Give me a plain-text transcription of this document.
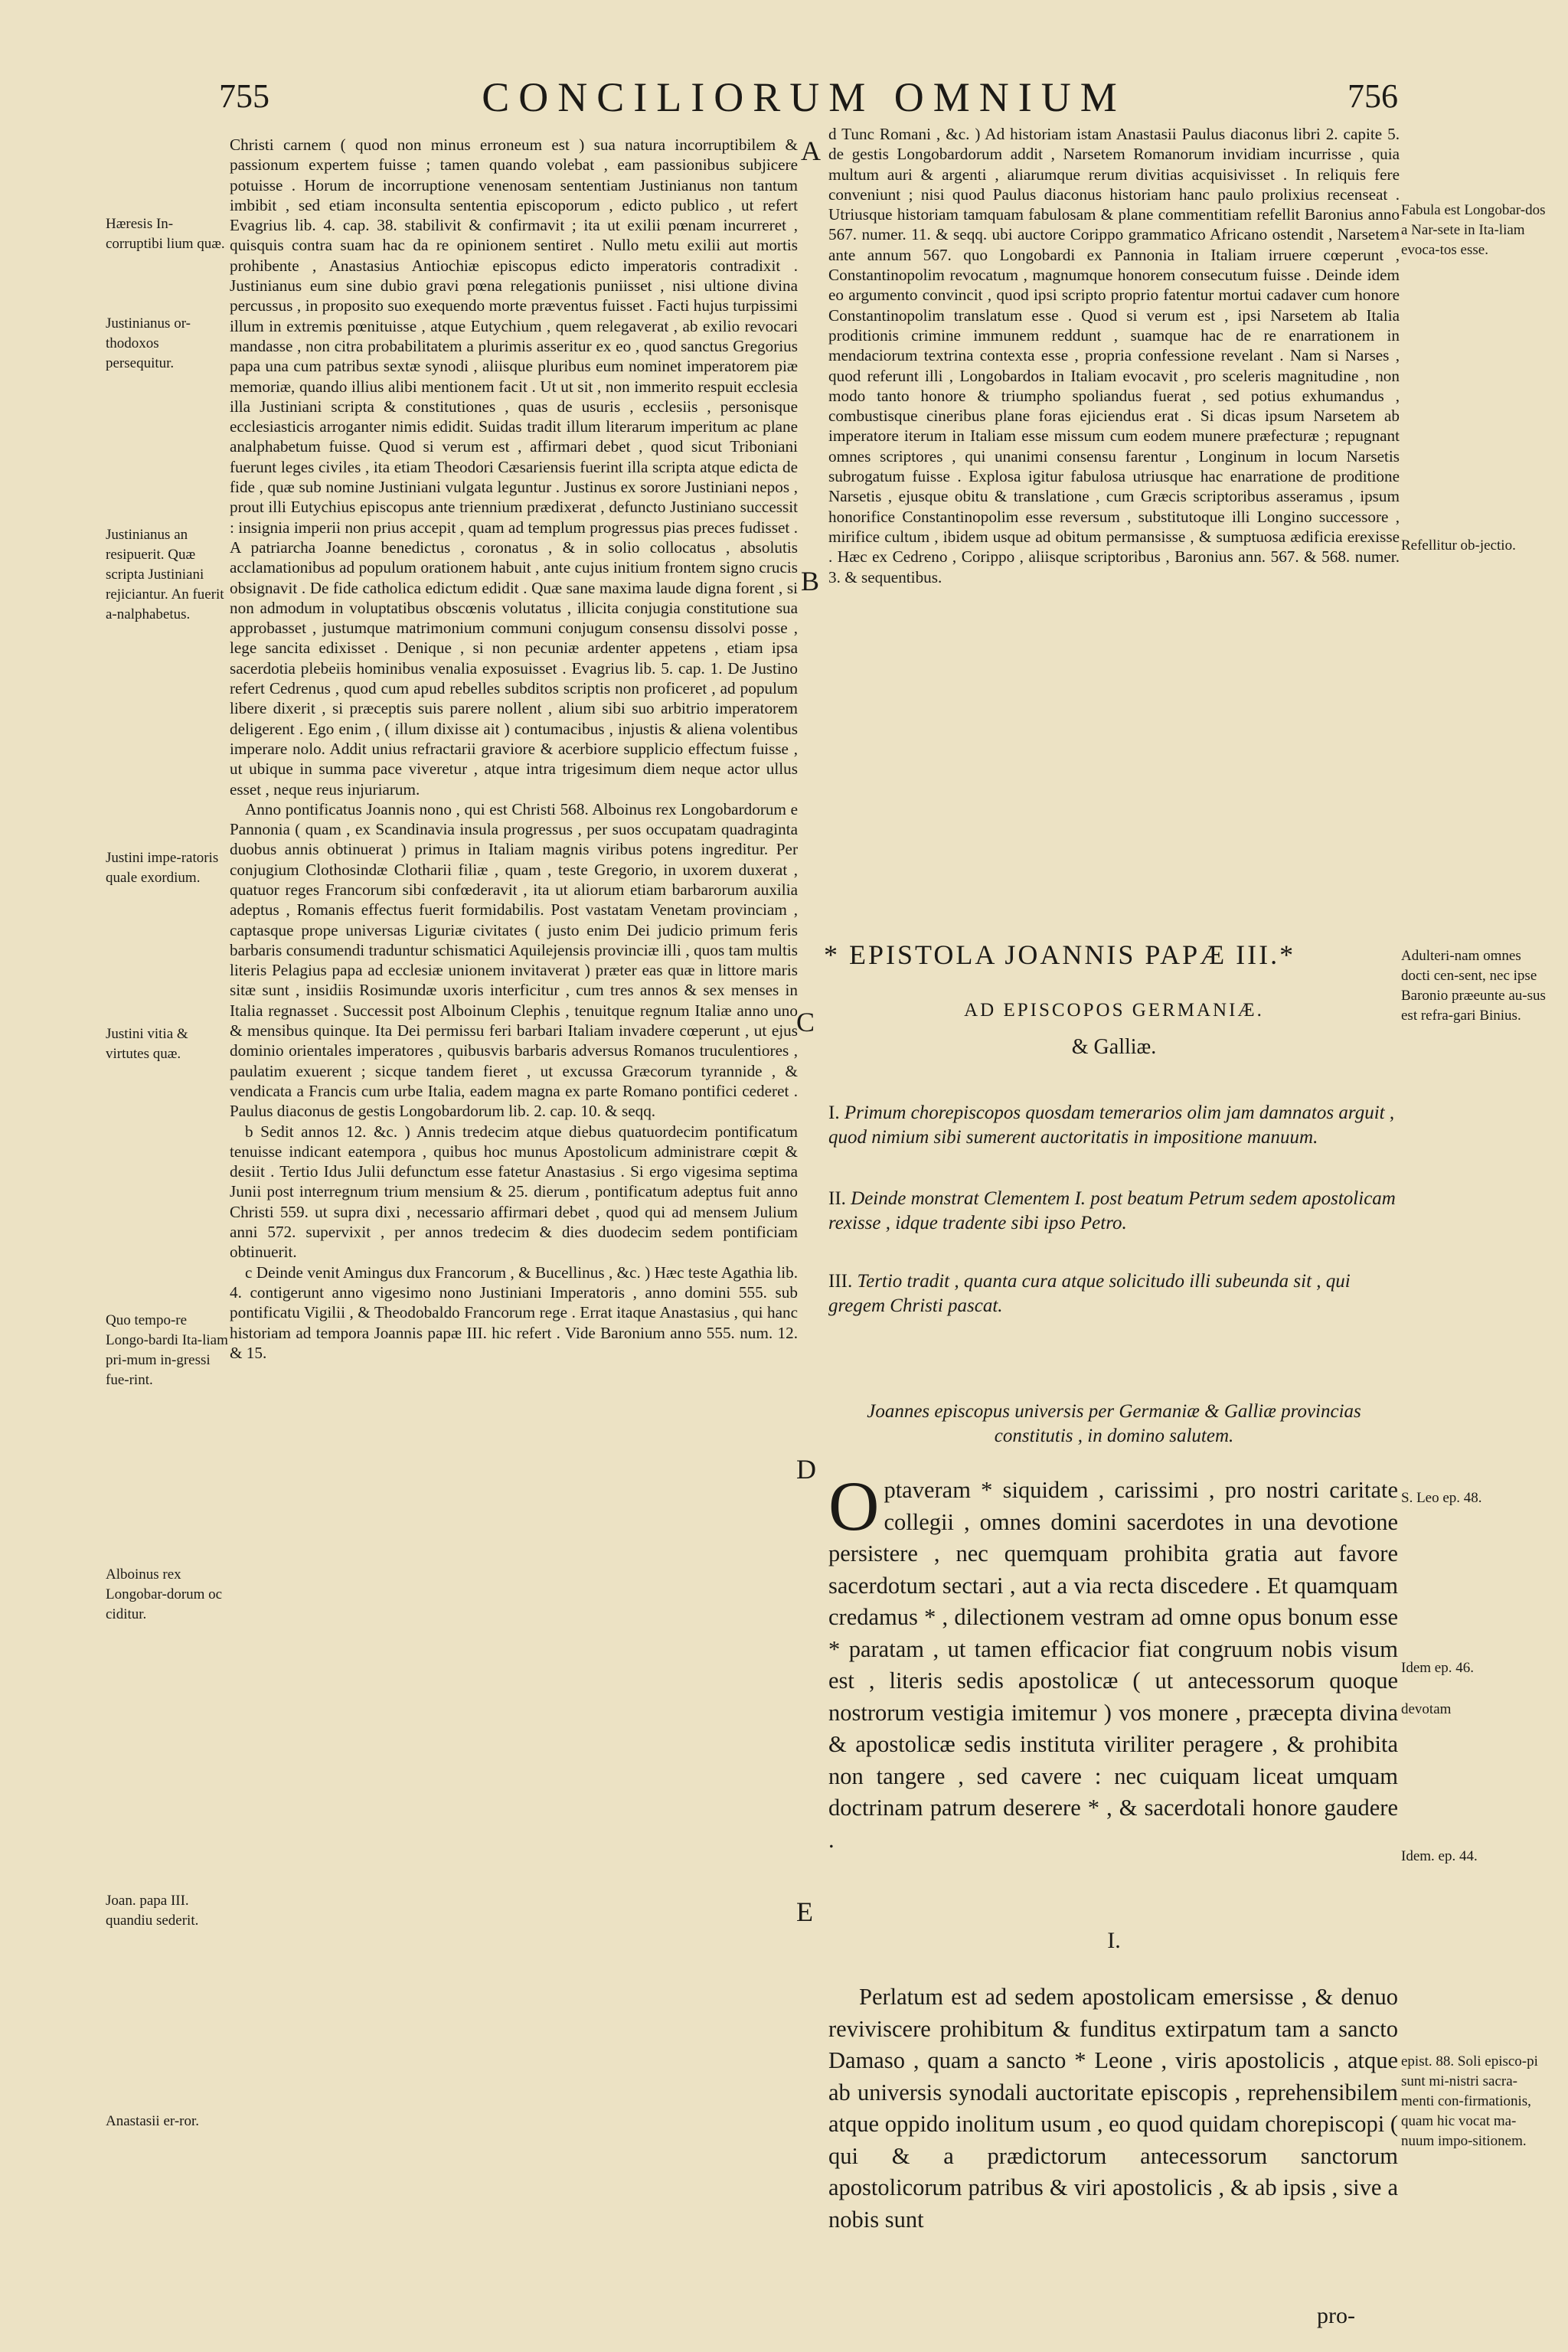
755	CONCILIORUM OMNIUM	756
Hæresis In-corruptibi lium quæ.
Justinianus or-thodoxos persequitur.
Justinianus an resipuerit. Quæ scripta Justiniani rejiciantur. An fuerit a-nalphabetus.
Justini impe-ratoris quale exordium.
Justini vitia & virtutes quæ.
Quo tempo-re Longo-bardi Ita-liam pri-mum in-gressi fue-rint.
Alboinus rex Longobar-dorum oc ciditur.
Joan. papa III. quandiu sederit.
Anastasii er-ror.
Fabula est Longobar-dos a Nar-sete in Ita-liam evoca-tos esse.
Refellitur ob-jectio.
Adulteri-nam omnes docti cen-sent, nec ipse Baronio præeunte au-sus est refra-gari Binius.
S. Leo ep. 48.
Idem ep. 46.
devotam
Idem. ep. 44.
epist. 88. Soli episco-pi sunt mi-nistri sacra-menti con-firmationis, quam hic vocat ma-nuum impo-sitionem.
A
B
C
D
E

Christi carnem ( quod non minus erroneum est ) sua natura incorruptibilem & passionum expertem fuisse ; tamen quando volebat , eam passionibus subjicere potuisse . Horum de incorruptione venenosam sententiam Justinianus non tantum imbibit , sed etiam inconsulta sententia episcoporum , edicto publico , ut refert Evagrius lib. 4. cap. 38. stabilivit & confirmavit ; ita ut exilii pœnam incurreret , quisquis contra suam hac da re opinionem sentiret . Nullo metu exilii aut mortis prohibente , Anastasius Antiochiæ episcopus edicto imperatoris contradixit . Justinianus eum sine dubio gravi pœna relegationis puniisset , nisi ultione divina percussus , in proposito suo exequendo morte præventus fuisset . Facti hujus turpissimi illum in extremis pœnituisse , atque Eutychium , quem relegaverat , ab exilio revocari mandasse , non citra probabilitatem a plurimis asseritur ex eo , quod sanctus Gregorius papa una cum patribus sextæ synodi , aliisque pluribus eum nominet imperatorem piæ memoriæ, quando illius alibi mentionem facit . Ut ut sit , non immerito respuit ecclesia illa Justiniani scripta & constitutiones , quas de usuris , ecclesiis , personisque ecclesiasticis arroganter nimis edidit. Suidas tradit illum literarum imperitum ac plane analphabetum fuisse. Quod si verum est , affirmari debet , quod sicut Triboniani fuerunt leges civiles , ita etiam Theodori Cæsariensis fuerint illa scripta atque edicta de fide , quæ sub nomine Justiniani vulgata leguntur . Justinus ex sorore Justiniani nepos , prout illi Eutychius episcopus ante triennium prædixerat , defuncto Justiniano successit : insignia imperii non prius accepit , quam ad templum progressus pias preces fudisset . A patriarcha Joanne benedictus , coronatus , & in solio collocatus , absolutis acclamationibus ad populum orationem habuit , ante cujus initium frontem signo crucis obsignavit . De fide catholica edictum edidit . Quæ sane maxima laude digna forent , si non admodum in voluptatibus obscœnis volutatus , illicita conjugia constitutione sua approbasset , justumque matrimonium communi conjugum consensu dissolvi posse , lege sancita edixisset . Denique , si non pecuniæ ardenter appetens , etiam ipsa sacerdotia plebeiis hominibus venalia exposuisset . Evagrius lib. 5. cap. 1. De Justino refert Cedrenus , quod cum apud rebelles subditos scriptis non proficeret , ad populum libere dixerit , si præceptis suis parere nollent , alium sibi suo arbitrio imperatorem deligerent . Ego enim , ( illum dixisse ait ) contumacibus , injustis & aliena volentibus imperare nolo. Addit unius refractarii graviore & acerbiore supplicio effectum fuisse , ut ubique in summa pace viveretur , atque intra trigesimum diem neque actor ullus esset , neque reus injuriarum.

Anno pontificatus Joannis nono , qui est Christi 568. Alboinus rex Longobardorum e Pannonia ( quam , ex Scandinavia insula progressus , per suos occupatam quadraginta duobus annis obtinuerat ) primus in Italiam magnis viribus potens ingreditur. Per conjugium Clothosindæ Clotharii filiæ , quam , teste Gregorio, in uxorem duxerat , quatuor reges Francorum sibi confœderavit , ita ut aliorum etiam barbarorum auxilia adeptus , Romanis effectus fuerit formidabilis. Post vastatam Venetam provinciam , captasque prope universas Liguriæ civitates ( justo enim Dei judicio primum feris barbaris consumendi traduntur schismatici Aquilejensis provinciæ illi , quos tam multis literis Pelagius papa ad ecclesiæ unionem invitaverat ) præter eas quæ in littore maris sitæ sunt , insidiis Rosimundæ uxoris interficitur , cum tres annos & sex menses in Italia regnasset . Successit post Alboinum Clephis , tenuitque regnum Italiæ anno uno & mensibus quinque. Ita Dei permissu feri barbari Italiam invadere cœperunt , ut ejus dominio orientales imperatores , quibusvis barbaris adversus Romanos truculentiores , paulatim exuerent ; sicque tandem fieret , ut excussa Græcorum tyrannide , & vendicata a Francis cum urbe Italia, eadem magna ex parte Romano pontifici cederet . Paulus diaconus de gestis Longobardorum lib. 2. cap. 10. & seqq.

b Sedit annos 12. &c. ) Annis tredecim atque diebus quatuordecim pontificatum tenuisse indicant eatempora , quibus hoc munus Apostolicum administrare cœpit & desiit . Tertio Idus Julii defunctum esse fatetur Anastasius . Si ergo vigesima septima Junii post interregnum trium mensium & 25. dierum , pontificatum adeptus fuit anno Christi 559. ut supra dixi , necessario affirmari debet , quod qui ad mensem Julium anni 572. supervixit , per annos tredecim & dies duodecim sedem pontificiam obtinuerit.

c Deinde venit Amingus dux Francorum , & Bucellinus , &c. ) Hæc teste Agathia lib. 4. contigerunt anno vigesimo nono Justiniani Imperatoris , anno domini 555. sub pontificatu Vigilii , & Theodobaldo Francorum rege . Errat itaque Anastasius , qui hanc historiam ad tempora Joannis papæ III. hic refert . Vide Baronium anno 555. num. 12. & 15.

d Tunc Romani , &c. ) Ad historiam istam Anastasii Paulus diaconus libri 2. capite 5. de gestis Longobardorum addit , Narsetem Romanorum invidiam incurrisse , quia multum auri & argenti , aliarumque rerum divitias acquisivisset . In reliquis fere conveniunt ; nisi quod Paulus diaconus historiam hanc paulo prolixius recenseat . Utriusque historiam tamquam fabulosam & plane commentitiam refellit Baronius anno 567. numer. 11. & seqq. ubi auctore Corippo grammatico Africano ostendit , Narsetem ante annum 567. quo Longobardi ex Pannonia in Italiam irruere cœperunt , Constantinopolim revocatum , magnumque honorem consecutum fuisse . Deinde idem eo argumento convincit , quod ipsi scripto proprio fatentur mortui cadaver cum honore Constantinopolim translatum esse . Quod si verum est , ipsi Narsetem ab Italia proditionis crimine immunem reddunt , suamque hac de re enarrationem in mendaciorum textrina contexta esse , propria confessione revelant . Nam si Narses , quod referunt illi , Longobardos in Italiam evocavit , pro sceleris magnitudine , non modo tanto honore & triumpho spoliandus fuerat , sed potius exhumandus , combustisque cineribus plane foras ejiciendus erat . Si dicas ipsum Narsetem ab imperatore iterum in Italiam esse missum cum eodem munere præfecturæ ; repugnant omnes scriptores , qui unanimi consensu farentur , Longinum in locum Narsetis subrogatum fuisse . Explosa igitur fabulosa utriusque hac enarratione de proditione Narsetis , ejusque obitu & translatione , cum Græcis scriptoribus asseramus , ipsum honorifice Constantinopolim esse reversum , substitutoque illi Longino successore , mirifice cultum , ibidem usque ad obitum permansisse , & sumptuosa ædificia erexisse . Hæc ex Cedreno , Corippo , aliisque scriptoribus , Baronius ann. 567. & 568. numer. 3. & sequentibus.
* EPISTOLA JOANNIS PAPÆ III.*
AD EPISCOPOS GERMANIÆ.
& Galliæ.
I. Primum chorepiscopos quosdam temerarios olim jam damnatos arguit , quod nimium sibi sumerent auctoritatis in impositione manuum.
II. Deinde monstrat Clementem I. post beatum Petrum sedem apostolicam rexisse , idque tradente sibi ipso Petro.
III. Tertio tradit , quanta cura atque solicitudo illi subeunda sit , qui gregem Christi pascat.
Joannes episcopus universis per Germaniæ & Galliæ provincias constitutis , in domino salutem.
Optaveram * siquidem , carissimi , pro nostri caritate collegii , omnes domini sacerdotes in una devotione persistere , nec quemquam prohibita gratia aut favore sacerdotum sectari , aut a via recta discedere . Et quamquam credamus * , dilectionem vestram ad omne opus bonum esse * paratam , ut tamen efficacior fiat congruum nobis visum est , literis sedis apostolicæ ( ut antecessorum quoque nostrorum vestigia imitemur ) vos monere , præcepta divina & apostolicæ sedis instituta viriliter peragere , & prohibita non tangere , sed cavere : nec cuiquam liceat umquam doctrinam patrum deserere * , & sacerdotali honore gaudere .
I.
Perlatum est ad sedem apostolicam emersisse , & denuo reviviscere prohibitum & funditus extirpatum tam a sancto Damaso , quam a sancto * Leone , viris apostolicis , atque ab universis synodali auctoritate episcopis , reprehensibilem atque oppido inolitum usum , eo quod quidam chorepiscopi ( qui & a prædictorum antecessorum sanctorum apostolicorum patribus & viri apostolicis , & ab ipsis , sive a nobis sunt
pro-
